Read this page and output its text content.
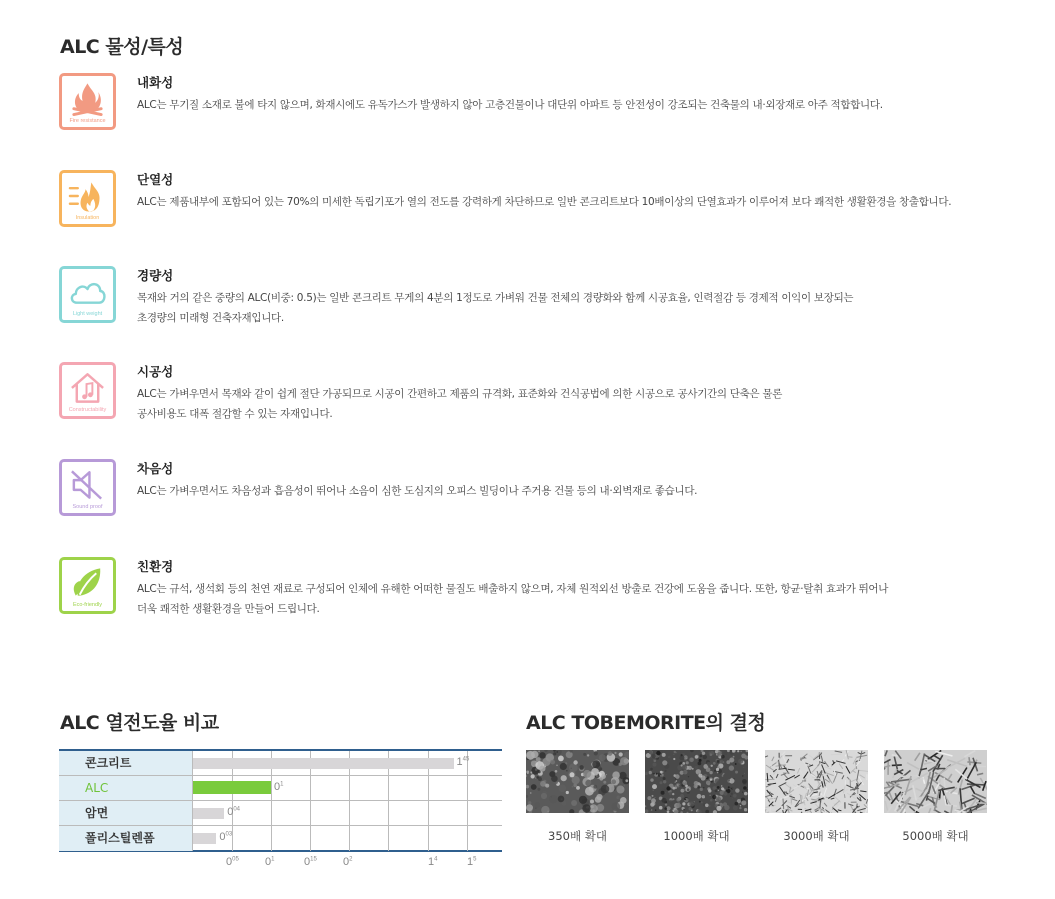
ALC 물성/특성
Fire resistance
내화성
ALC는 무기질 소재로 불에 타지 않으며, 화재시에도 유독가스가 발생하지 않아 고층건물이나 대단위 아파트 등 안전성이 강조되는 건축물의 내·외장재로 아주 적합합니다.
Insulation
단열성
ALC는 제품내부에 포함되어 있는 70%의 미세한 독립기포가 열의 전도를 강력하게 차단하므로 일반 콘크리트보다 10배이상의 단열효과가 이루어져 보다 쾌적한 생활환경을 창출합니다.
Light weight
경량성
목재와 거의 같은 중량의 ALC(비중: 0.5)는 일반 콘크리트 무게의 4분의 1정도로 가벼워 건물 전체의 경량화와 함께 시공효율, 인력절감 등 경제적 이익이 보장되는
초경량의 미래형 건축자재입니다.
Constructability
시공성
ALC는 가벼우면서 목재와 같이 쉽게 절단 가공되므로 시공이 간편하고 제품의 규격화, 표준화와 건식공법에 의한 시공으로 공사기간의 단축은 물론
공사비용도 대폭 절감할 수 있는 자재입니다.
Sound proof
차음성
ALC는 가벼우면서도 차음성과 흡음성이 뛰어나 소음이 심한 도심지의 오피스 빌딩이나 주거용 건물 등의 내·외벽재로 좋습니다.
Eco-friendly
친환경
ALC는 규석, 생석회 등의 천연 재료로 구성되어 인체에 유해한 어떠한 물질도 배출하지 않으며, 자체 원적외선 방출로 건강에 도움을 줍니다. 또한, 항균·탈취 효과가 뛰어나
더욱 쾌적한 생활환경을 만들어 드립니다.
ALC 열전도율 비교
콘크리트	$1^{45}$
ALC	$0^1$
암면	$0^{04}$
폴리스틸렌폼	$0^{03}$
$0^{05}$ $0^1$	$0^{15}$ $0^2$	$1^4$	$1^5$
ALC TOBEMORITE의 결정
350배 확대	1000배 확대	3000배 확대	5000배 확대
